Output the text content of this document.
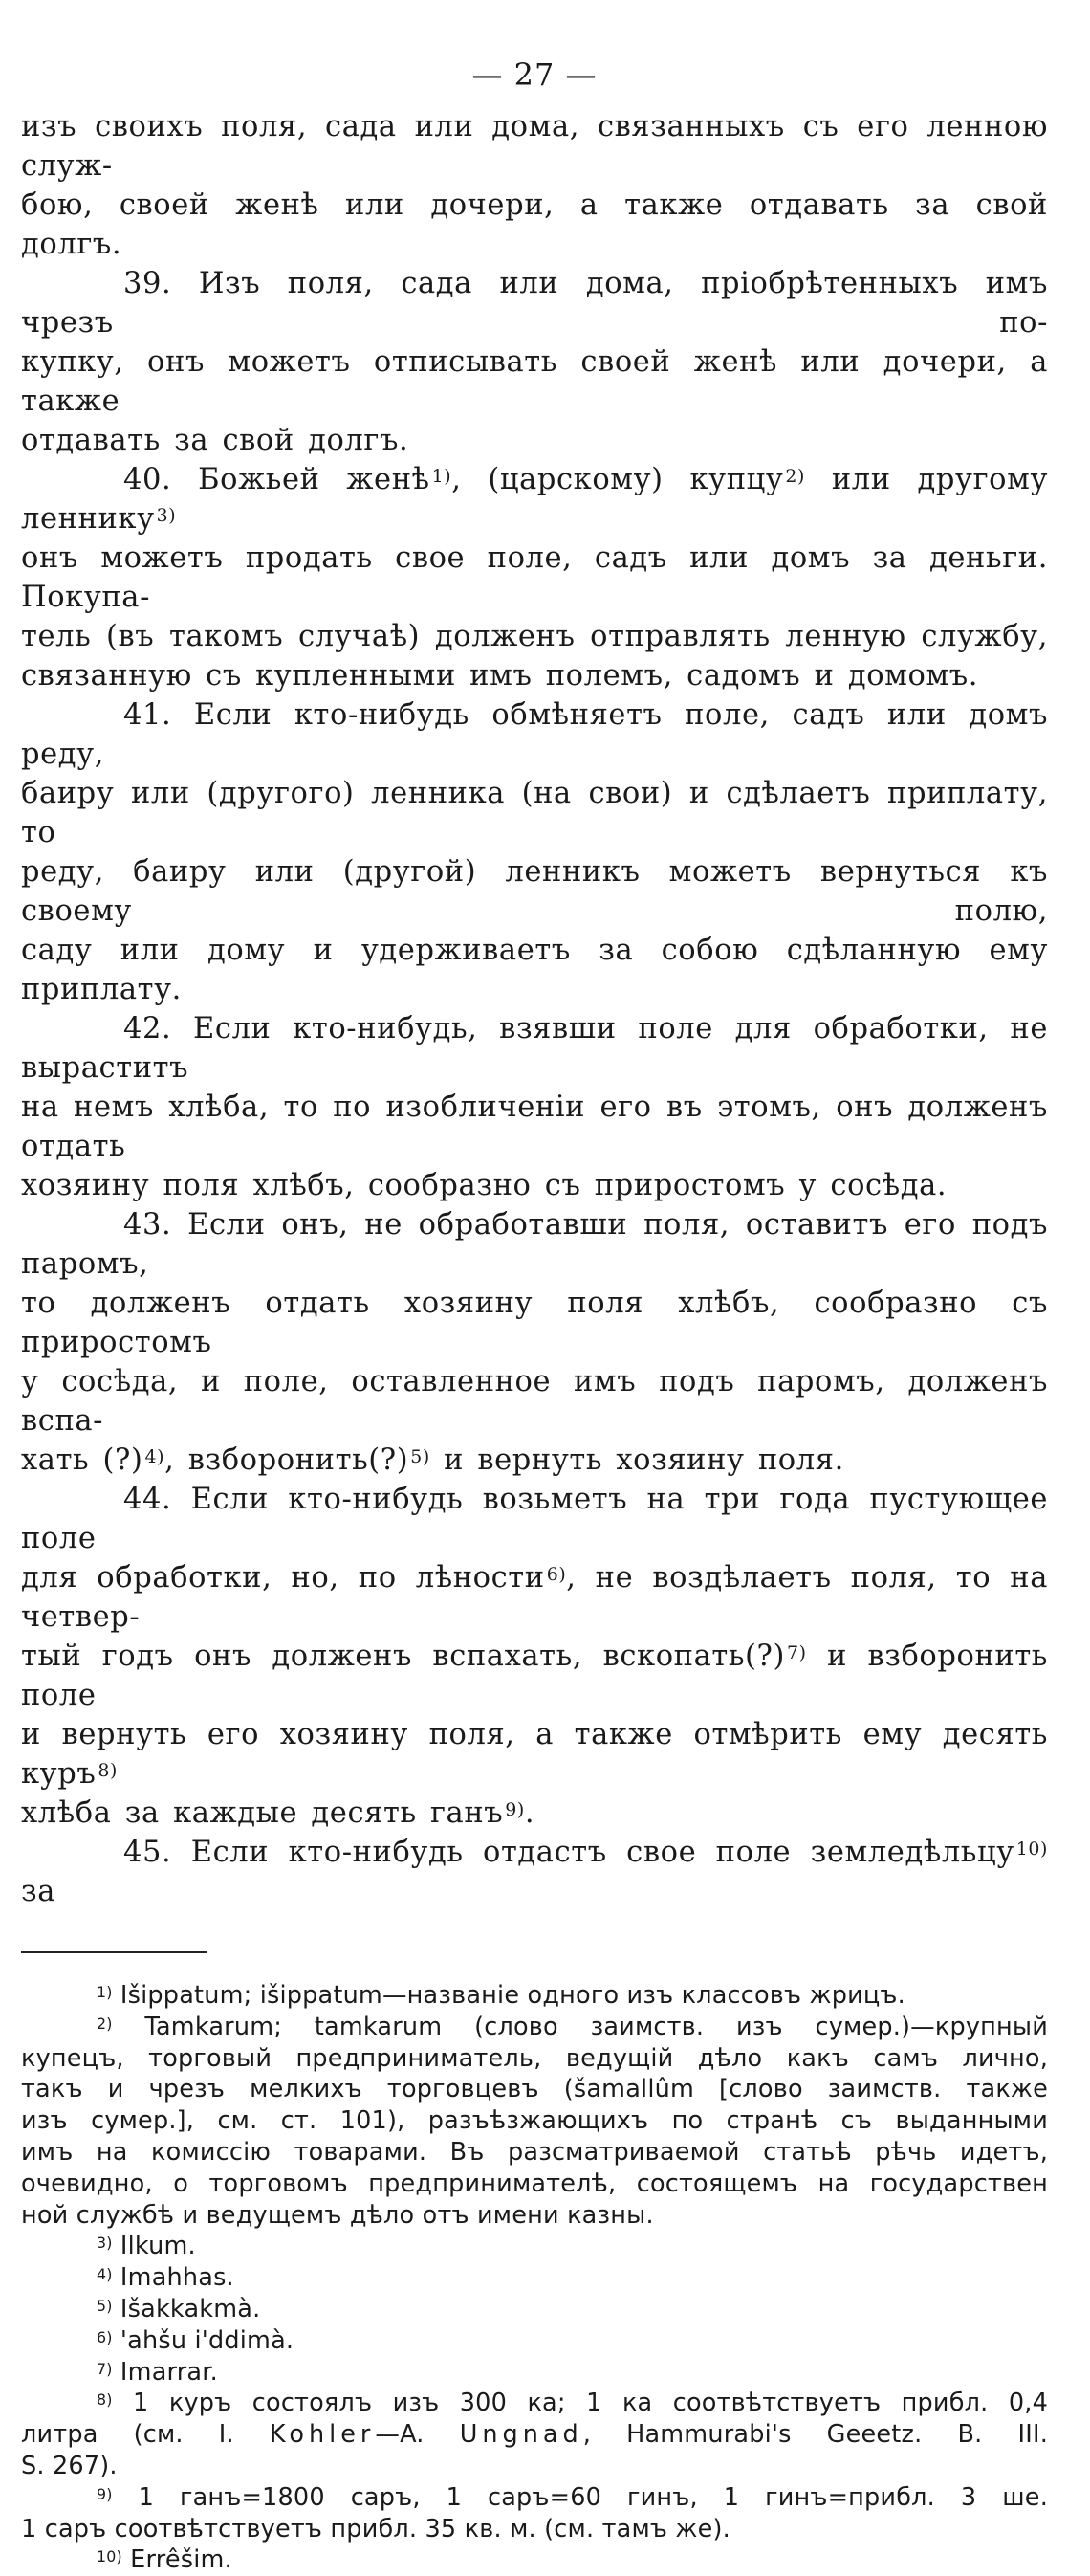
— 27 —

изъ своихъ поля, сада или дома, связанныхъ съ его ленною служ-

бою, своей женѣ или дочери, а также отдавать за свой долгъ.

39. Изъ поля, сада или дома, пріобрѣтенныхъ имъ чрезъ по-

купку, онъ можетъ отписывать своей женѣ или дочери, а также

отдавать за свой долгъ.

40. Божьей женѣ $^{1)}$, (царскому) купцу $^{2)}$ или другому леннику $^{3)}$

онъ можетъ продать свое поле, садъ или домъ за деньги. Покупа-

тель (въ такомъ случаѣ) долженъ отправлять ленную службу,

связанную съ купленными имъ полемъ, садомъ и домомъ.

41. Если кто-нибудь обмѣняетъ поле, садъ или домъ реду,

баиру или (другого) ленника (на свои) и сдѣлаетъ приплату, то

реду, баиру или (другой) ленникъ можетъ вернуться къ своему полю,

саду или дому и удерживаетъ за собою сдѣланную ему приплату.

42. Если кто-нибудь, взявши поле для обработки, не выраститъ

на немъ хлѣба, то по изобличеніи его въ этомъ, онъ долженъ отдать

хозяину поля хлѣбъ, сообразно съ приростомъ у сосѣда.

43. Если онъ, не обработавши поля, оставитъ его подъ паромъ,

то долженъ отдать хозяину поля хлѣбъ, сообразно съ приростомъ

у сосѣда, и поле, оставленное имъ подъ паромъ, долженъ вспа-

хать (?) $^{4)}$, взборонить(?) $^{5)}$ и вернуть хозяину поля.

44. Если кто-нибудь возьметъ на три года пустующее поле

для обработки, но, по лѣности $^{6)}$, не воздѣлаетъ поля, то на четвер-

тый годъ онъ долженъ вспахать, вскопать(?) $^{7)}$ и взборонить поле

и вернуть его хозяину поля, а также отмѣрить ему десять куръ $^{8)}$

хлѣба за каждые десять ганъ $^{9)}$.

45. Если кто-нибудь отдастъ свое поле земледѣльцу $^{10)}$ за

$^{1)}$ Išippatum; išippatum—названіе одного изъ классовъ жрицъ.

$^{2)}$ Tamkarum; tamkarum (слово заимств. изъ сумер.)—крупный

купецъ, торговый предприниматель, ведущій дѣло какъ самъ лично,

такъ и чрезъ мелкихъ торговцевъ (šamallûm [слово заимств. также

изъ сумер.], см. ст. 101), разъѣзжающихъ по странѣ съ выданными

имъ на комиссію товарами. Въ разсматриваемой статьѣ рѣчь идетъ,

очевидно, о торговомъ предпринимателѣ, состоящемъ на государствен

ной службѣ и ведущемъ дѣло отъ имени казны.

$^{3)}$ Ilkum.

$^{4)}$ Imahhas.

$^{5)}$ Išakkakmà.

$^{6)}$ 'ahšu i'ddimà.

$^{7)}$ Imarrar.

$^{8)}$ 1 куръ состоялъ изъ 300 ка; 1 ка соотвѣтствуетъ прибл. 0,4

литра (см. I. Kohler—A. Ungnad, Hammurabi's Geeetz. B. III.

S. 267).

$^{9)}$ 1 ганъ=1800 саръ, 1 саръ=60 гинъ, 1 гинъ=прибл. 3 ше.

1 саръ соотвѣтствуетъ прибл. 35 кв. м. (см. тамъ же).

$^{10)}$ Errêšim.
